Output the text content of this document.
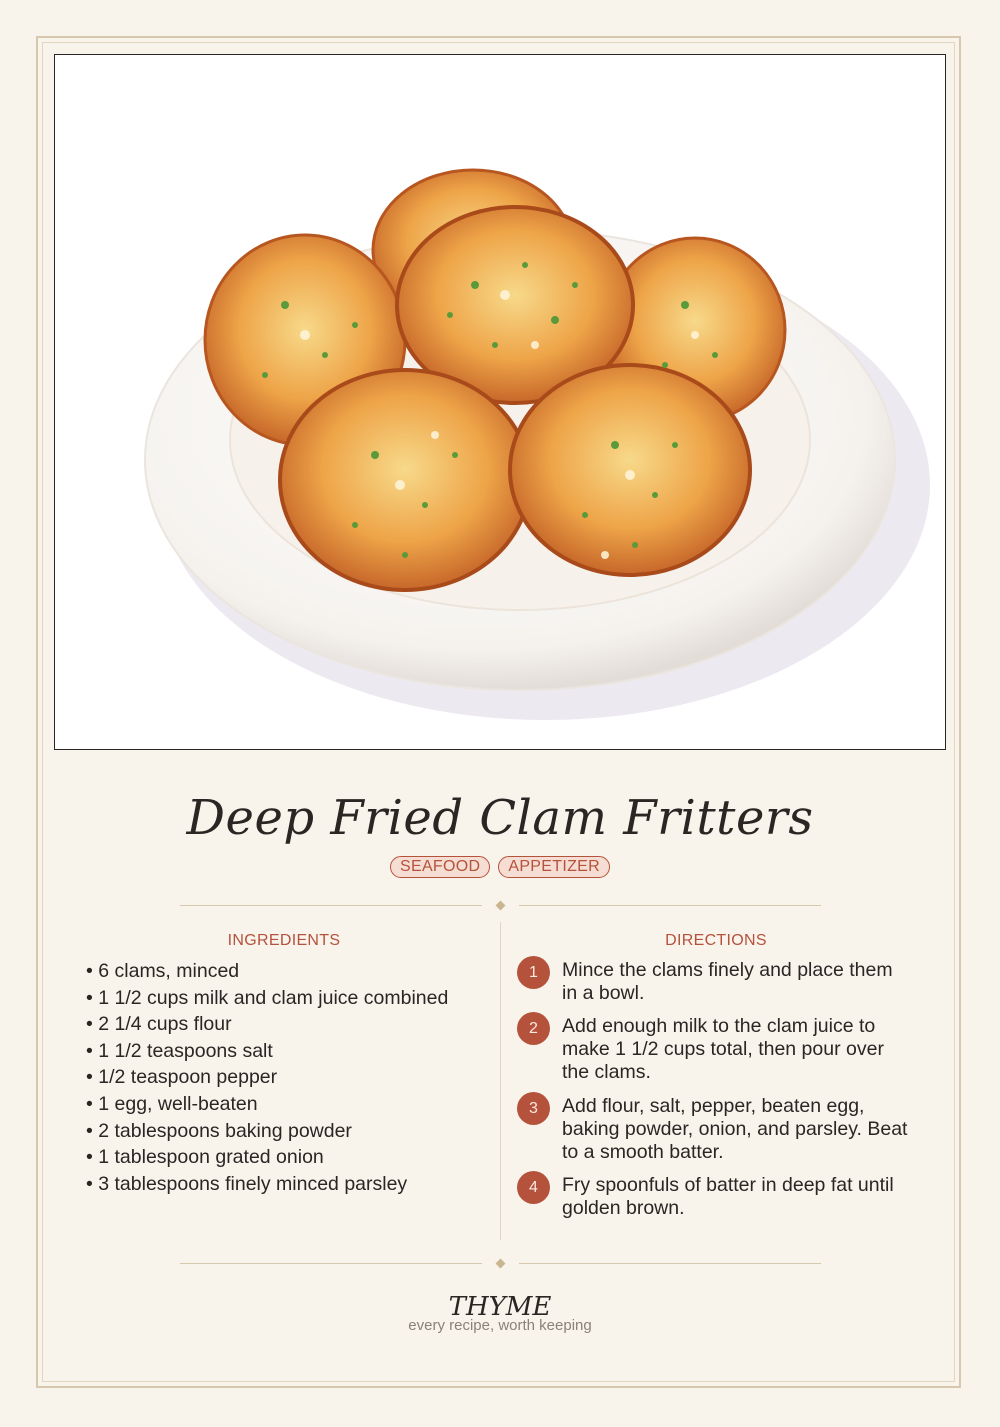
Deep Fried Clam Fritters
SEAFOOD APPETIZER
INGREDIENTS	DIRECTIONS
• 6 clams, minced
• 1 1/2 cups milk and clam juice combined
• 2 1/4 cups flour
• 1 1/2 teaspoons salt
• 1/2 teaspoon pepper
• 1 egg, well-beaten
• 2 tablespoons baking powder
• 1 tablespoon grated onion
• 3 tablespoons finely minced parsley
1	Mince the clams finely and place them in a bowl.
2	Add enough milk to the clam juice to make 1 1/2 cups total, then pour over the clams.
3	Add flour, salt, pepper, beaten egg, baking powder, onion, and parsley. Beat to a smooth batter.
4	Fry spoonfuls of batter in deep fat until golden brown.
THYME
every recipe, worth keeping
